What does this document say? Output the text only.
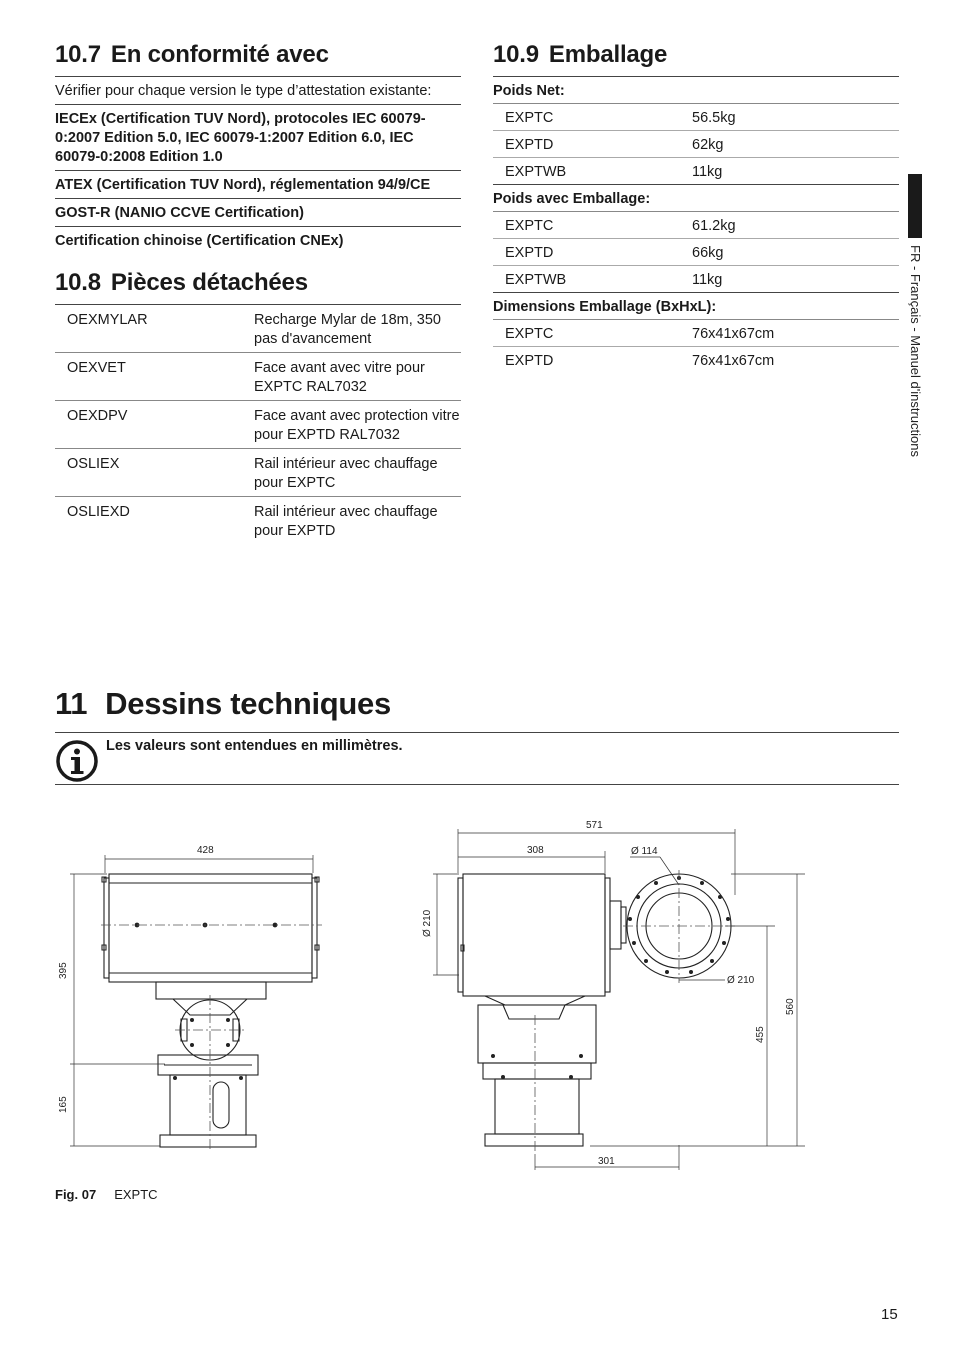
10.7 En conformité avec
Vérifier pour chaque version le type d’attestation existante:
IECEx (Certification TUV Nord), protocoles IEC 60079-0:2007 Edition 5.0, IEC 60079-1:2007 Edition 6.0, IEC 60079-0:2008 Edition 1.0
ATEX (Certification TUV Nord), réglementation 94/9/CE
GOST-R (NANIO CCVE Certification)
Certification chinoise (Certification CNEx)
10.8 Pièces détachées
OEXMYLAR	Recharge Mylar de 18m, 350 pas d'avancement
OEXVET	Face avant avec vitre pour EXPTC RAL7032
OEXDPV	Face avant avec protection vitre pour EXPTD RAL7032
OSLIEX	Rail intérieur avec chauffage pour EXPTC
OSLIEXD	Rail intérieur avec chauffage pour EXPTD
10.9 Emballage
Poids Net:
EXPTC	56.5kg
EXPTD	62kg
EXPTWB	11kg
Poids avec Emballage:
EXPTC	61.2kg
EXPTD	66kg
EXPTWB	11kg
Dimensions Emballage (BxHxL):
EXPTC	76x41x67cm
EXPTD	76x41x67cm	FR - Français - Manuel d'instructions
11 Dessins techniques
Les valeurs sont entendues en millimètres.
428
395
165
571
308	Ø 114
Ø 210
Ø 210
560
455
301
Fig. 07 EXPTC
15
